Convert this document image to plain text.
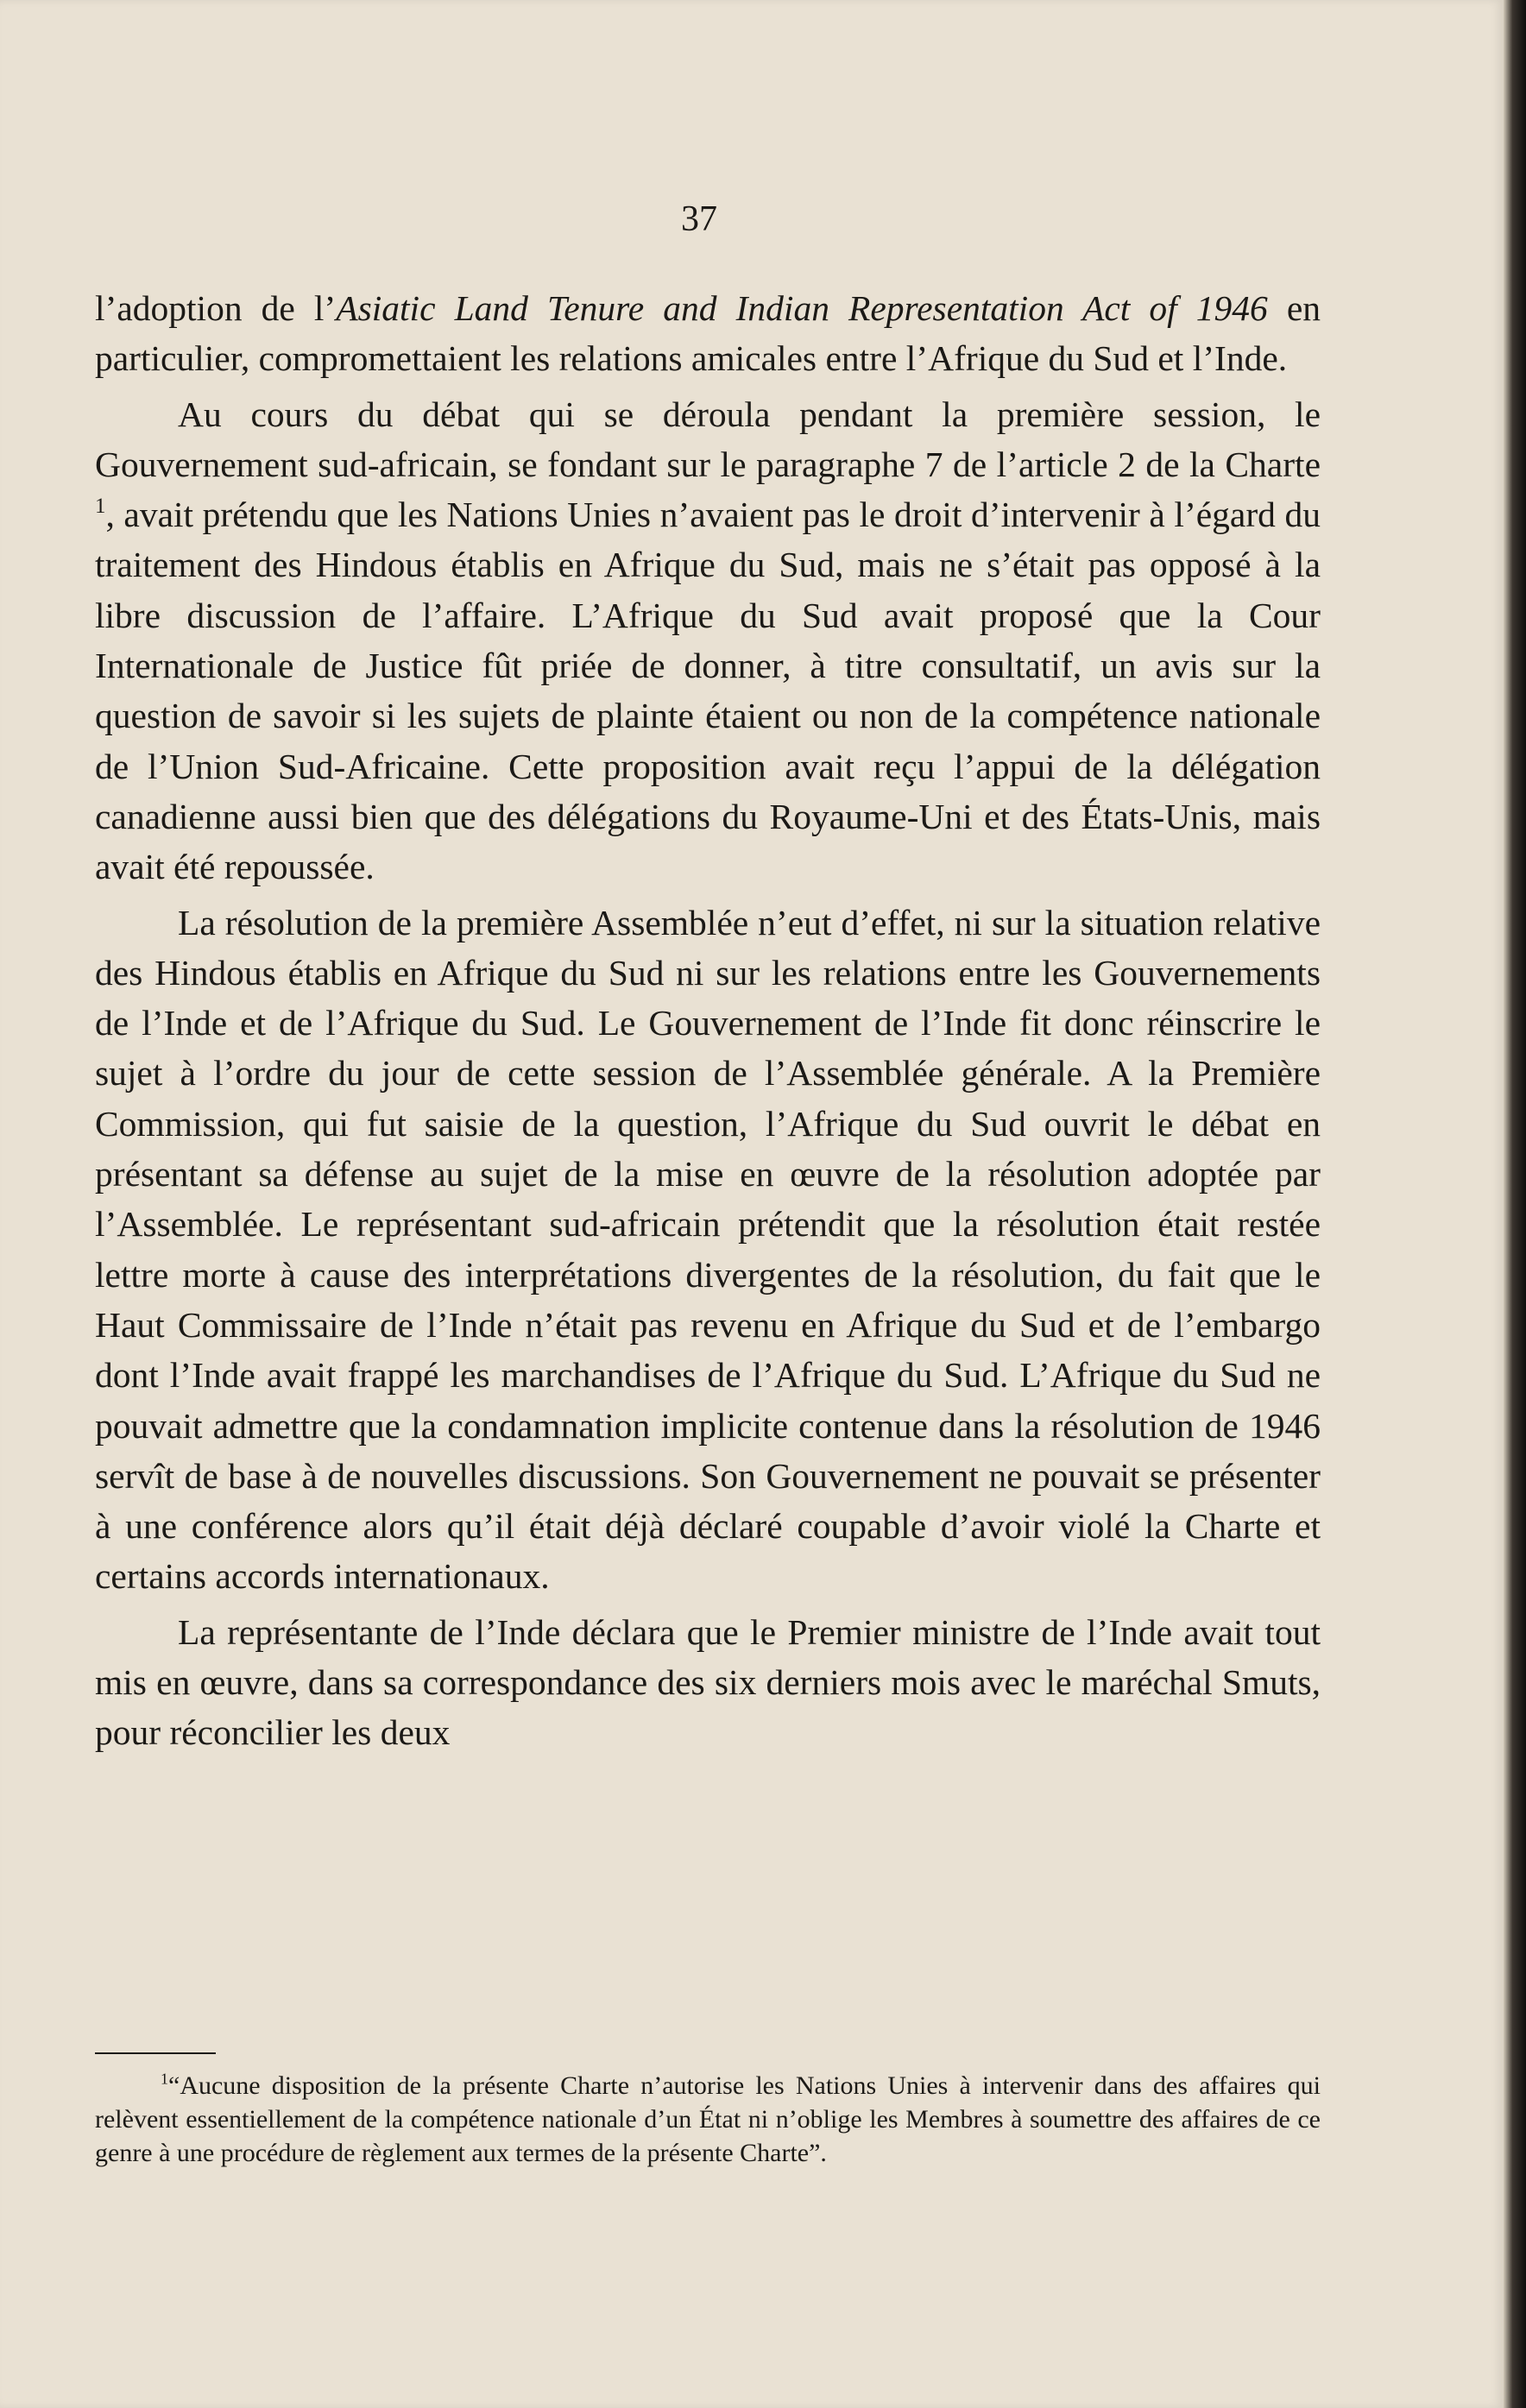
37

l’adoption de l’Asiatic Land Tenure and Indian Representation Act of 1946 en particulier, compromettaient les relations amicales entre l’Afrique du Sud et l’Inde.

Au cours du débat qui se déroula pendant la première session, le Gouvernement sud-africain, se fondant sur le paragraphe 7 de l’article 2 de la Charte $^1$, avait prétendu que les Nations Unies n’avaient pas le droit d’intervenir à l’égard du traitement des Hindous établis en Afrique du Sud, mais ne s’était pas opposé à la libre discussion de l’affaire. L’Afrique du Sud avait proposé que la Cour Internationale de Justice fût priée de donner, à titre consultatif, un avis sur la question de savoir si les sujets de plainte étaient ou non de la compétence nationale de l’Union Sud-Africaine. Cette proposition avait reçu l’appui de la délégation canadienne aussi bien que des délégations du Royaume-Uni et des États-Unis, mais avait été repoussée.

La résolution de la première Assemblée n’eut d’effet, ni sur la situation relative des Hindous établis en Afrique du Sud ni sur les relations entre les Gouvernements de l’Inde et de l’Afrique du Sud. Le Gouvernement de l’Inde fit donc réinscrire le sujet à l’ordre du jour de cette session de l’Assemblée générale. A la Première Commission, qui fut saisie de la question, l’Afrique du Sud ouvrit le débat en présentant sa défense au sujet de la mise en œuvre de la résolution adoptée par l’Assemblée. Le représentant sud-africain prétendit que la résolution était restée lettre morte à cause des interprétations divergentes de la résolution, du fait que le Haut Commissaire de l’Inde n’était pas revenu en Afrique du Sud et de l’embargo dont l’Inde avait frappé les marchandises de l’Afrique du Sud. L’Afrique du Sud ne pouvait admettre que la condamnation implicite contenue dans la résolution de 1946 servît de base à de nouvelles discussions. Son Gouvernement ne pouvait se présenter à une conférence alors qu’il était déjà déclaré coupable d’avoir violé la Charte et certains accords internationaux.

La représentante de l’Inde déclara que le Premier ministre de l’Inde avait tout mis en œuvre, dans sa correspondance des six derniers mois avec le maréchal Smuts, pour réconcilier les deux

$^1$“Aucune disposition de la présente Charte n’autorise les Nations Unies à intervenir dans des affaires qui relèvent essentiellement de la compétence nationale d’un État ni n’oblige les Membres à soumettre des affaires de ce genre à une procédure de règlement aux termes de la présente Charte”.
